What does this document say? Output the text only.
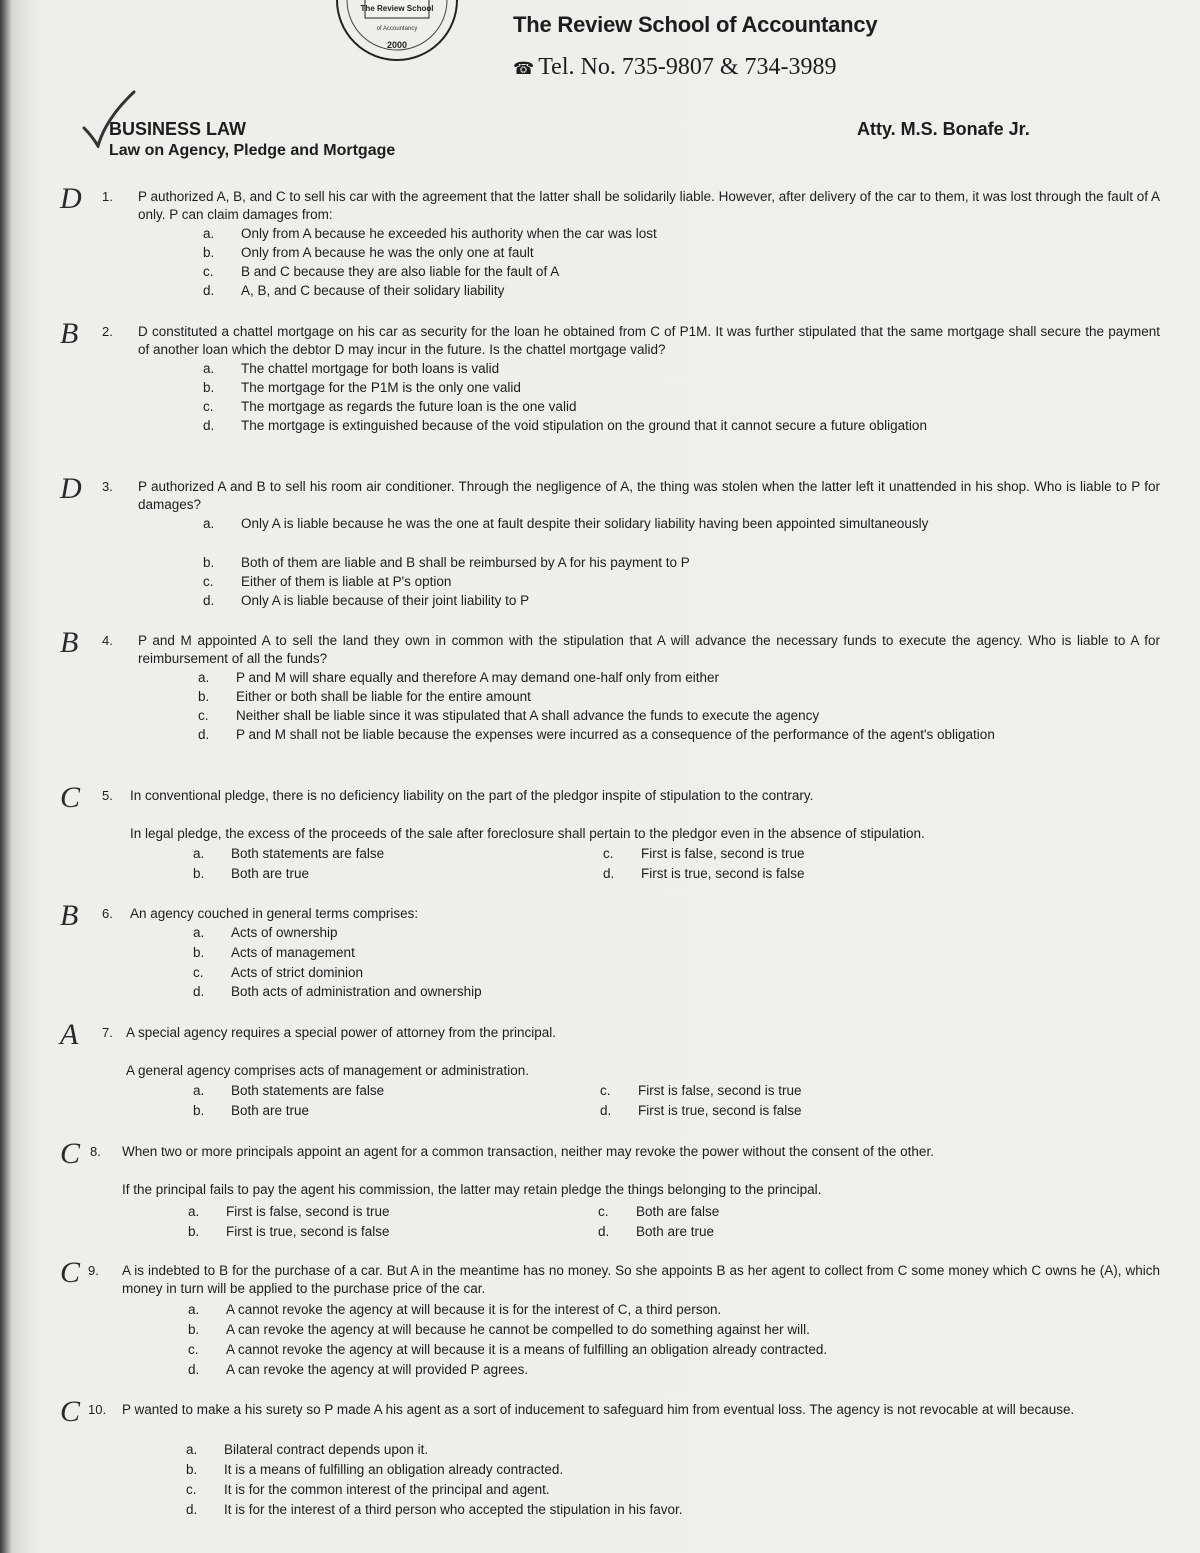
The Review School
of Accountancy
2000
The Review School of Accountancy
☎ Tel. No. 735-9807 & 734-3989
BUSINESS LAW	Atty. M.S. Bonafe Jr.
Law on Agency, Pledge and Mortgage
D 1. P authorized A, B, and C to sell his car with the agreement that the latter shall be solidarily liable. However, after delivery of the car to them, it was lost through the fault of A only. P can claim damages from:
a. Only from A because he exceeded his authority when the car was lost
b. Only from A because he was the only one at fault
c. B and C because they are also liable for the fault of A
d. A, B, and C because of their solidary liability
B 2. D constituted a chattel mortgage on his car as security for the loan he obtained from C of P1M. It was further stipulated that the same mortgage shall secure the payment of another loan which the debtor D may incur in the future. Is the chattel mortgage valid?
a. The chattel mortgage for both loans is valid
b. The mortgage for the P1M is the only one valid
c. The mortgage as regards the future loan is the one valid
d. The mortgage is extinguished because of the void stipulation on the ground that it cannot secure a future obligation
D 3. P authorized A and B to sell his room air conditioner. Through the negligence of A, the thing was stolen when the latter left it unattended in his shop. Who is liable to P for damages?
a. Only A is liable because he was the one at fault despite their solidary liability having been appointed simultaneously
b. Both of them are liable and B shall be reimbursed by A for his payment to P
c. Either of them is liable at P's option
d. Only A is liable because of their joint liability to P
B 4. P and M appointed A to sell the land they own in common with the stipulation that A will advance the necessary funds to execute the agency. Who is liable to A for reimbursement of all the funds?
a. P and M will share equally and therefore A may demand one-half only from either
b. Either or both shall be liable for the entire amount
c. Neither shall be liable since it was stipulated that A shall advance the funds to execute the agency
d. P and M shall not be liable because the expenses were incurred as a consequence of the performance of the agent's obligation
C 5. In conventional pledge, there is no deficiency liability on the part of the pledgor inspite of stipulation to the contrary.
In legal pledge, the excess of the proceeds of the sale after foreclosure shall pertain to the pledgor even in the absence of stipulation.
a. Both statements are false
b. Both are true
c. First is false, second is true
d. First is true, second is false
B 6. An agency couched in general terms comprises:
a. Acts of ownership
b. Acts of management
c. Acts of strict dominion
d. Both acts of administration and ownership
A 7. A special agency requires a special power of attorney from the principal.
A general agency comprises acts of management or administration.
a. Both statements are false
b. Both are true
c. First is false, second is true
d. First is true, second is false
C 8. When two or more principals appoint an agent for a common transaction, neither may revoke the power without the consent of the other.
If the principal fails to pay the agent his commission, the latter may retain pledge the things belonging to the principal.
a. First is false, second is true
b. First is true, second is false
c. Both are false
d. Both are true
C 9. A is indebted to B for the purchase of a car. But A in the meantime has no money. So she appoints B as her agent to collect from C some money which C owns he (A), which money in turn will be applied to the purchase price of the car.
a. A cannot revoke the agency at will because it is for the interest of C, a third person.
b. A can revoke the agency at will because he cannot be compelled to do something against her will.
c. A cannot revoke the agency at will because it is a means of fulfilling an obligation already contracted.
d. A can revoke the agency at will provided P agrees.
C 10. P wanted to make a his surety so P made A his agent as a sort of inducement to safeguard him from eventual loss. The agency is not revocable at will because.
a. Bilateral contract depends upon it.
b. It is a means of fulfilling an obligation already contracted.
c. It is for the common interest of the principal and agent.
d. It is for the interest of a third person who accepted the stipulation in his favor.
